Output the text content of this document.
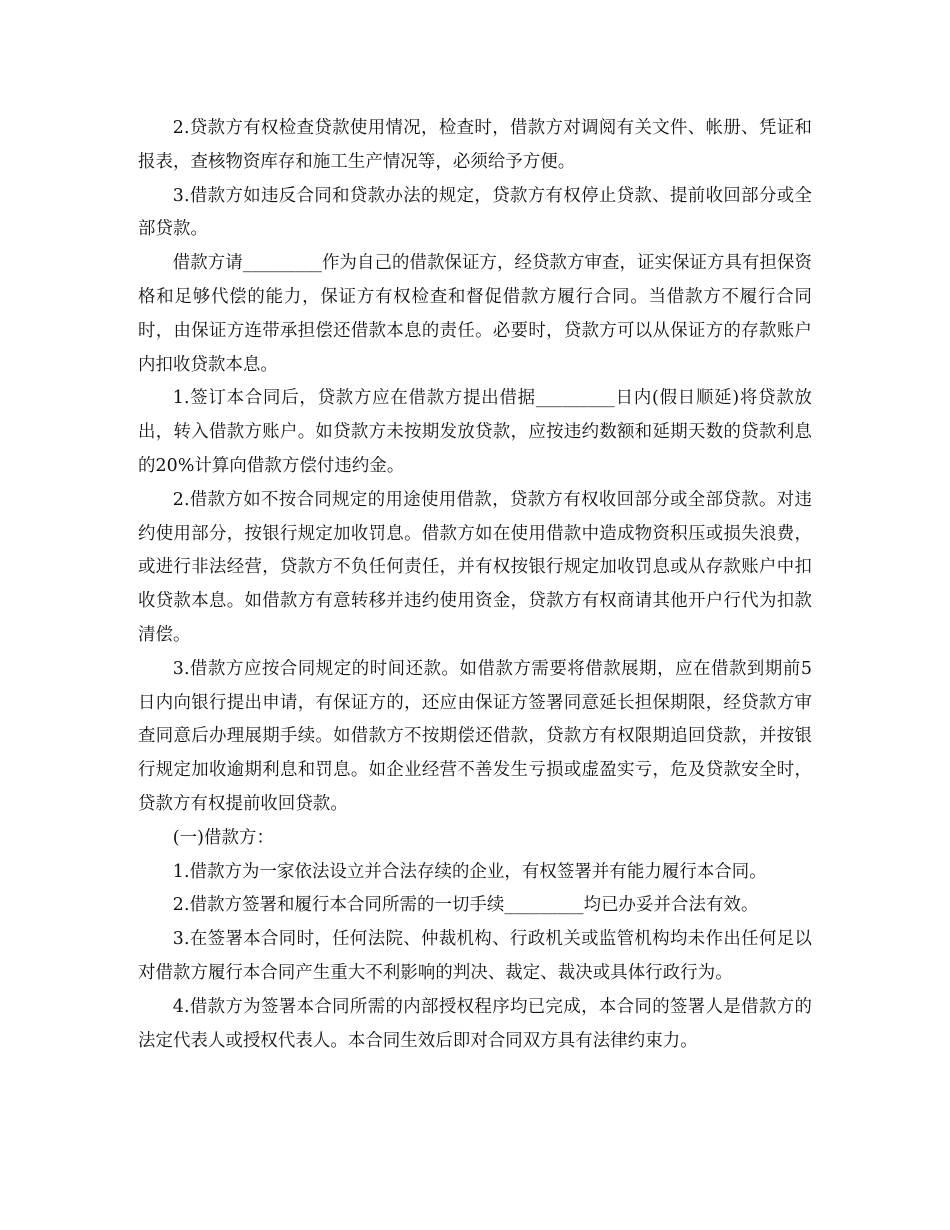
2.贷款方有权检查贷款使用情况，检查时，借款方对调阅有关文件、帐册、凭证和报表，查核物资库存和施工生产情况等，必须给予方便。

3.借款方如违反合同和贷款办法的规定，贷款方有权停止贷款、提前收回部分或全部贷款。

借款方请_________作为自己的借款保证方，经贷款方审查，证实保证方具有担保资格和足够代偿的能力，保证方有权检查和督促借款方履行合同。当借款方不履行合同时，由保证方连带承担偿还借款本息的责任。必要时，贷款方可以从保证方的存款账户内扣收贷款本息。

1.签订本合同后，贷款方应在借款方提出借据_________日内(假日顺延)将贷款放出，转入借款方账户。如贷款方未按期发放贷款，应按违约数额和延期天数的贷款利息的20%计算向借款方偿付违约金。

2.借款方如不按合同规定的用途使用借款，贷款方有权收回部分或全部贷款。对违约使用部分，按银行规定加收罚息。借款方如在使用借款中造成物资积压或损失浪费，或进行非法经营，贷款方不负任何责任，并有权按银行规定加收罚息或从存款账户中扣收贷款本息。如借款方有意转移并违约使用资金，贷款方有权商请其他开户行代为扣款清偿。

3.借款方应按合同规定的时间还款。如借款方需要将借款展期，应在借款到期前5日内向银行提出申请，有保证方的，还应由保证方签署同意延长担保期限，经贷款方审查同意后办理展期手续。如借款方不按期偿还借款，贷款方有权限期追回贷款，并按银行规定加收逾期利息和罚息。如企业经营不善发生亏损或虚盈实亏，危及贷款安全时，贷款方有权提前收回贷款。

(一)借款方：

1.借款方为一家依法设立并合法存续的企业，有权签署并有能力履行本合同。

2.借款方签署和履行本合同所需的一切手续_________均已办妥并合法有效。

3.在签署本合同时，任何法院、仲裁机构、行政机关或监管机构均未作出任何足以对借款方履行本合同产生重大不利影响的判决、裁定、裁决或具体行政行为。

4.借款方为签署本合同所需的内部授权程序均已完成，本合同的签署人是借款方的法定代表人或授权代表人。本合同生效后即对合同双方具有法律约束力。
